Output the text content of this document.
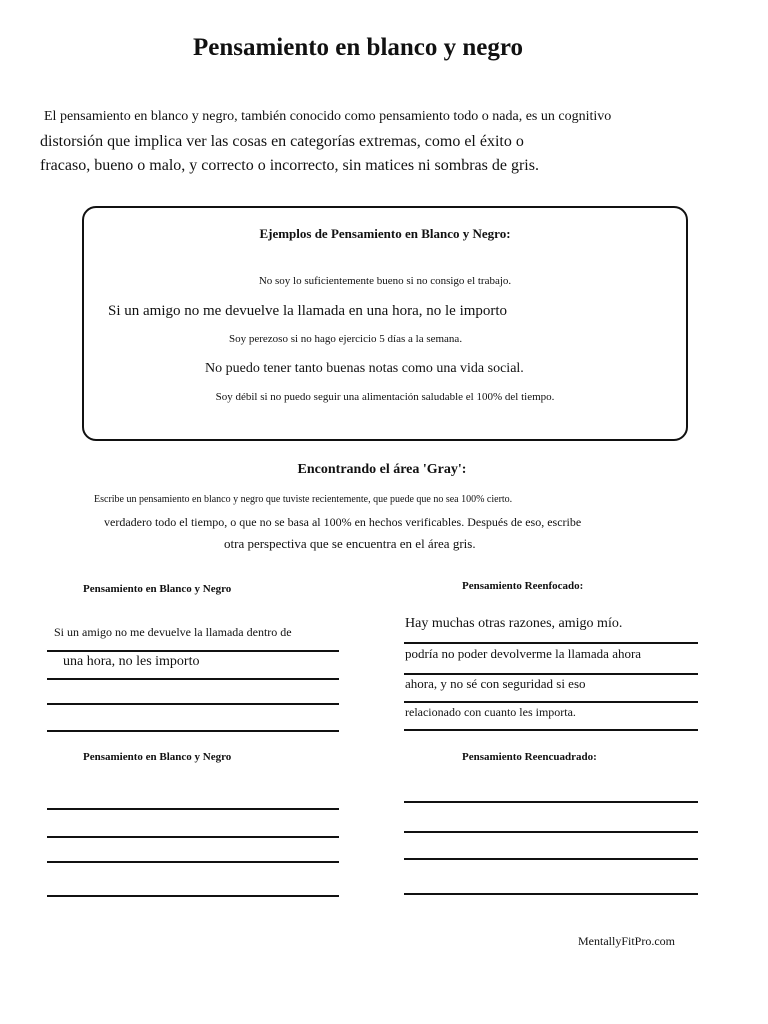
Pensamiento en blanco y negro
El pensamiento en blanco y negro, también conocido como pensamiento todo o nada, es un cognitivo
distorsión que implica ver las cosas en categorías extremas, como el éxito o
fracaso, bueno o malo, y correcto o incorrecto, sin matices ni sombras de gris.
Ejemplos de Pensamiento en Blanco y Negro:
No soy lo suficientemente bueno si no consigo el trabajo.
Si un amigo no me devuelve la llamada en una hora, no le importo
Soy perezoso si no hago ejercicio 5 días a la semana.
No puedo tener tanto buenas notas como una vida social.
Soy débil si no puedo seguir una alimentación saludable el 100% del tiempo.
Encontrando el área 'Gray':
Escribe un pensamiento en blanco y negro que tuviste recientemente, que puede que no sea 100% cierto.
verdadero todo el tiempo, o que no se basa al 100% en hechos verificables. Después de eso, escribe
otra perspectiva que se encuentra en el área gris.
Pensamiento en Blanco y Negro
Si un amigo no me devuelve la llamada dentro de
una hora, no les importo
Pensamiento Reenfocado:
Hay muchas otras razones, amigo mío.
podría no poder devolverme la llamada ahora
ahora, y no sé con seguridad si eso
relacionado con cuanto les importa.
Pensamiento en Blanco y Negro	Pensamiento Reencuadrado:
MentallyFitPro.com
